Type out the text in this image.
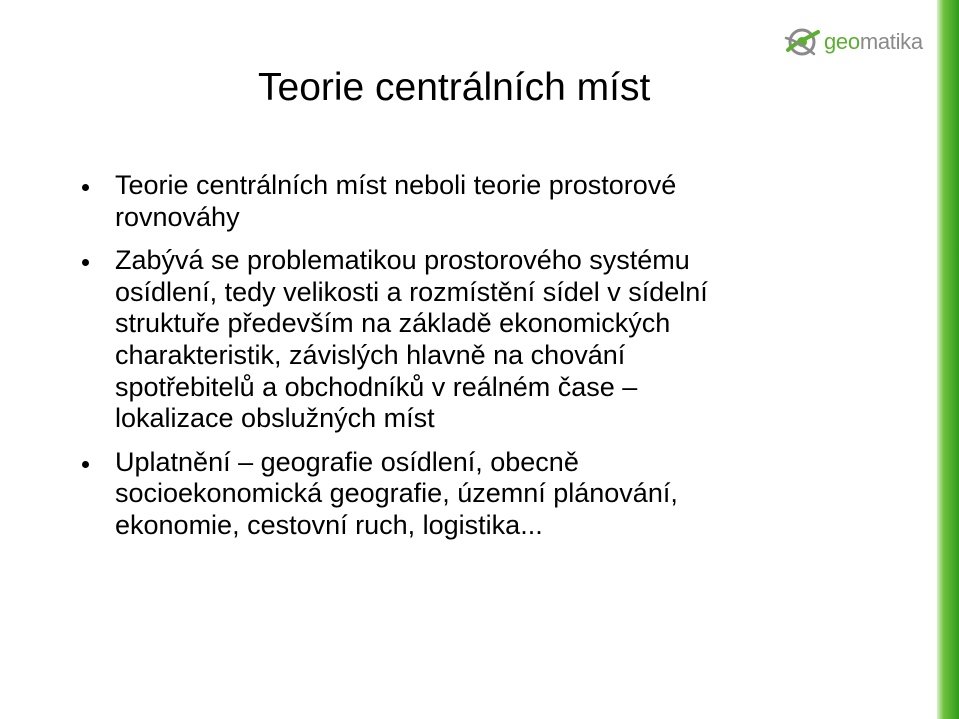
geomatika
Teorie centrálních míst
Teorie centrálních míst neboli teorie prostorové
rovnováhy
Zabývá se problematikou prostorového systému
osídlení, tedy velikosti a rozmístění sídel v sídelní
struktuře především na základě ekonomických
charakteristik, závislých hlavně na chování
spotřebitelů a obchodníků v reálném čase –
lokalizace obslužných míst
Uplatnění – geografie osídlení, obecně
socioekonomická geografie, územní plánování,
ekonomie, cestovní ruch, logistika...
